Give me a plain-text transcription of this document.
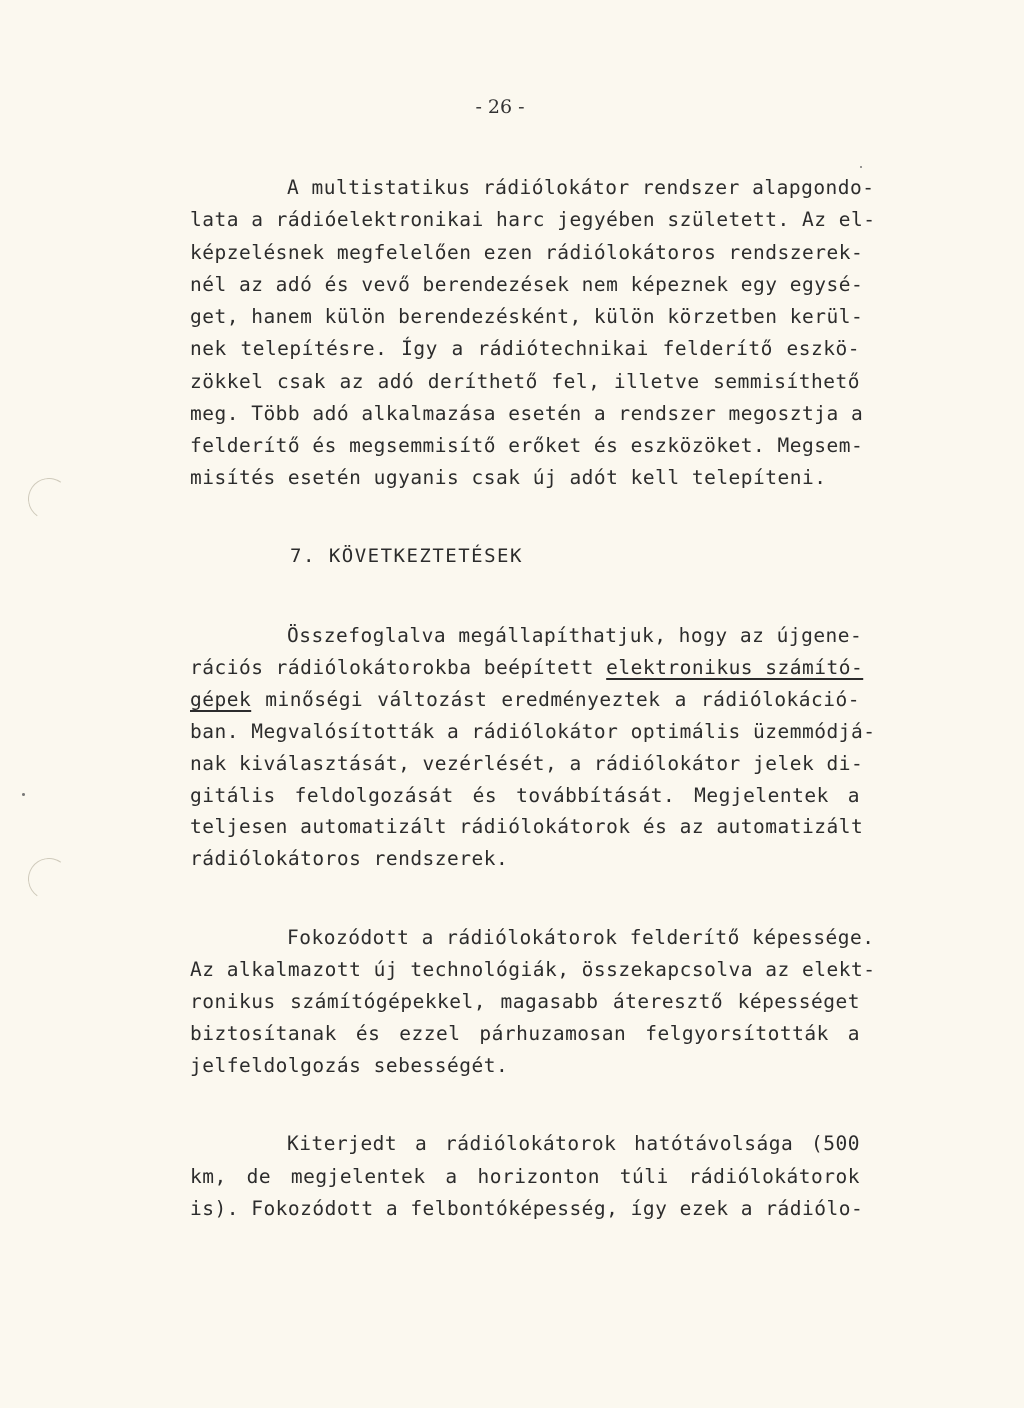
- 26 -
A multistatikus rádiólokátor rendszer alapgondo-
lata a rádióelektronikai harc jegyében született. Az el-
képzelésnek megfelelően ezen rádiólokátoros rendszerek-
nél az adó és vevő berendezések nem képeznek egy egysé-
get, hanem külön berendezésként, külön körzetben kerül-
nek telepítésre. Így a rádiótechnikai felderítő eszkö-
zökkel csak az adó deríthető fel, illetve semmisíthető
meg. Több adó alkalmazása esetén a rendszer megosztja a
felderítő és megsemmisítő erőket és eszközöket. Megsem-
misítés esetén ugyanis csak új adót kell telepíteni.
7. KÖVETKEZTETÉSEK
Összefoglalva megállapíthatjuk, hogy az újgene-
rációs rádiólokátorokba beépített elektronikus számító-
gépek minőségi változást eredményeztek a rádiólokáció-
ban. Megvalósították a rádiólokátor optimális üzemmódjá-
nak kiválasztását, vezérlését, a rádiólokátor jelek di-
gitális feldolgozását és továbbítását. Megjelentek a
teljesen automatizált rádiólokátorok és az automatizált
rádiólokátoros rendszerek.
Fokozódott a rádiólokátorok felderítő képessége.
Az alkalmazott új technológiák, összekapcsolva az elekt-
ronikus számítógépekkel, magasabb áteresztő képességet
biztosítanak és ezzel párhuzamosan felgyorsították a
jelfeldolgozás sebességét.
Kiterjedt a rádiólokátorok hatótávolsága (500
km, de megjelentek a horizonton túli rádiólokátorok
is). Fokozódott a felbontóképesség, így ezek a rádiólo-
